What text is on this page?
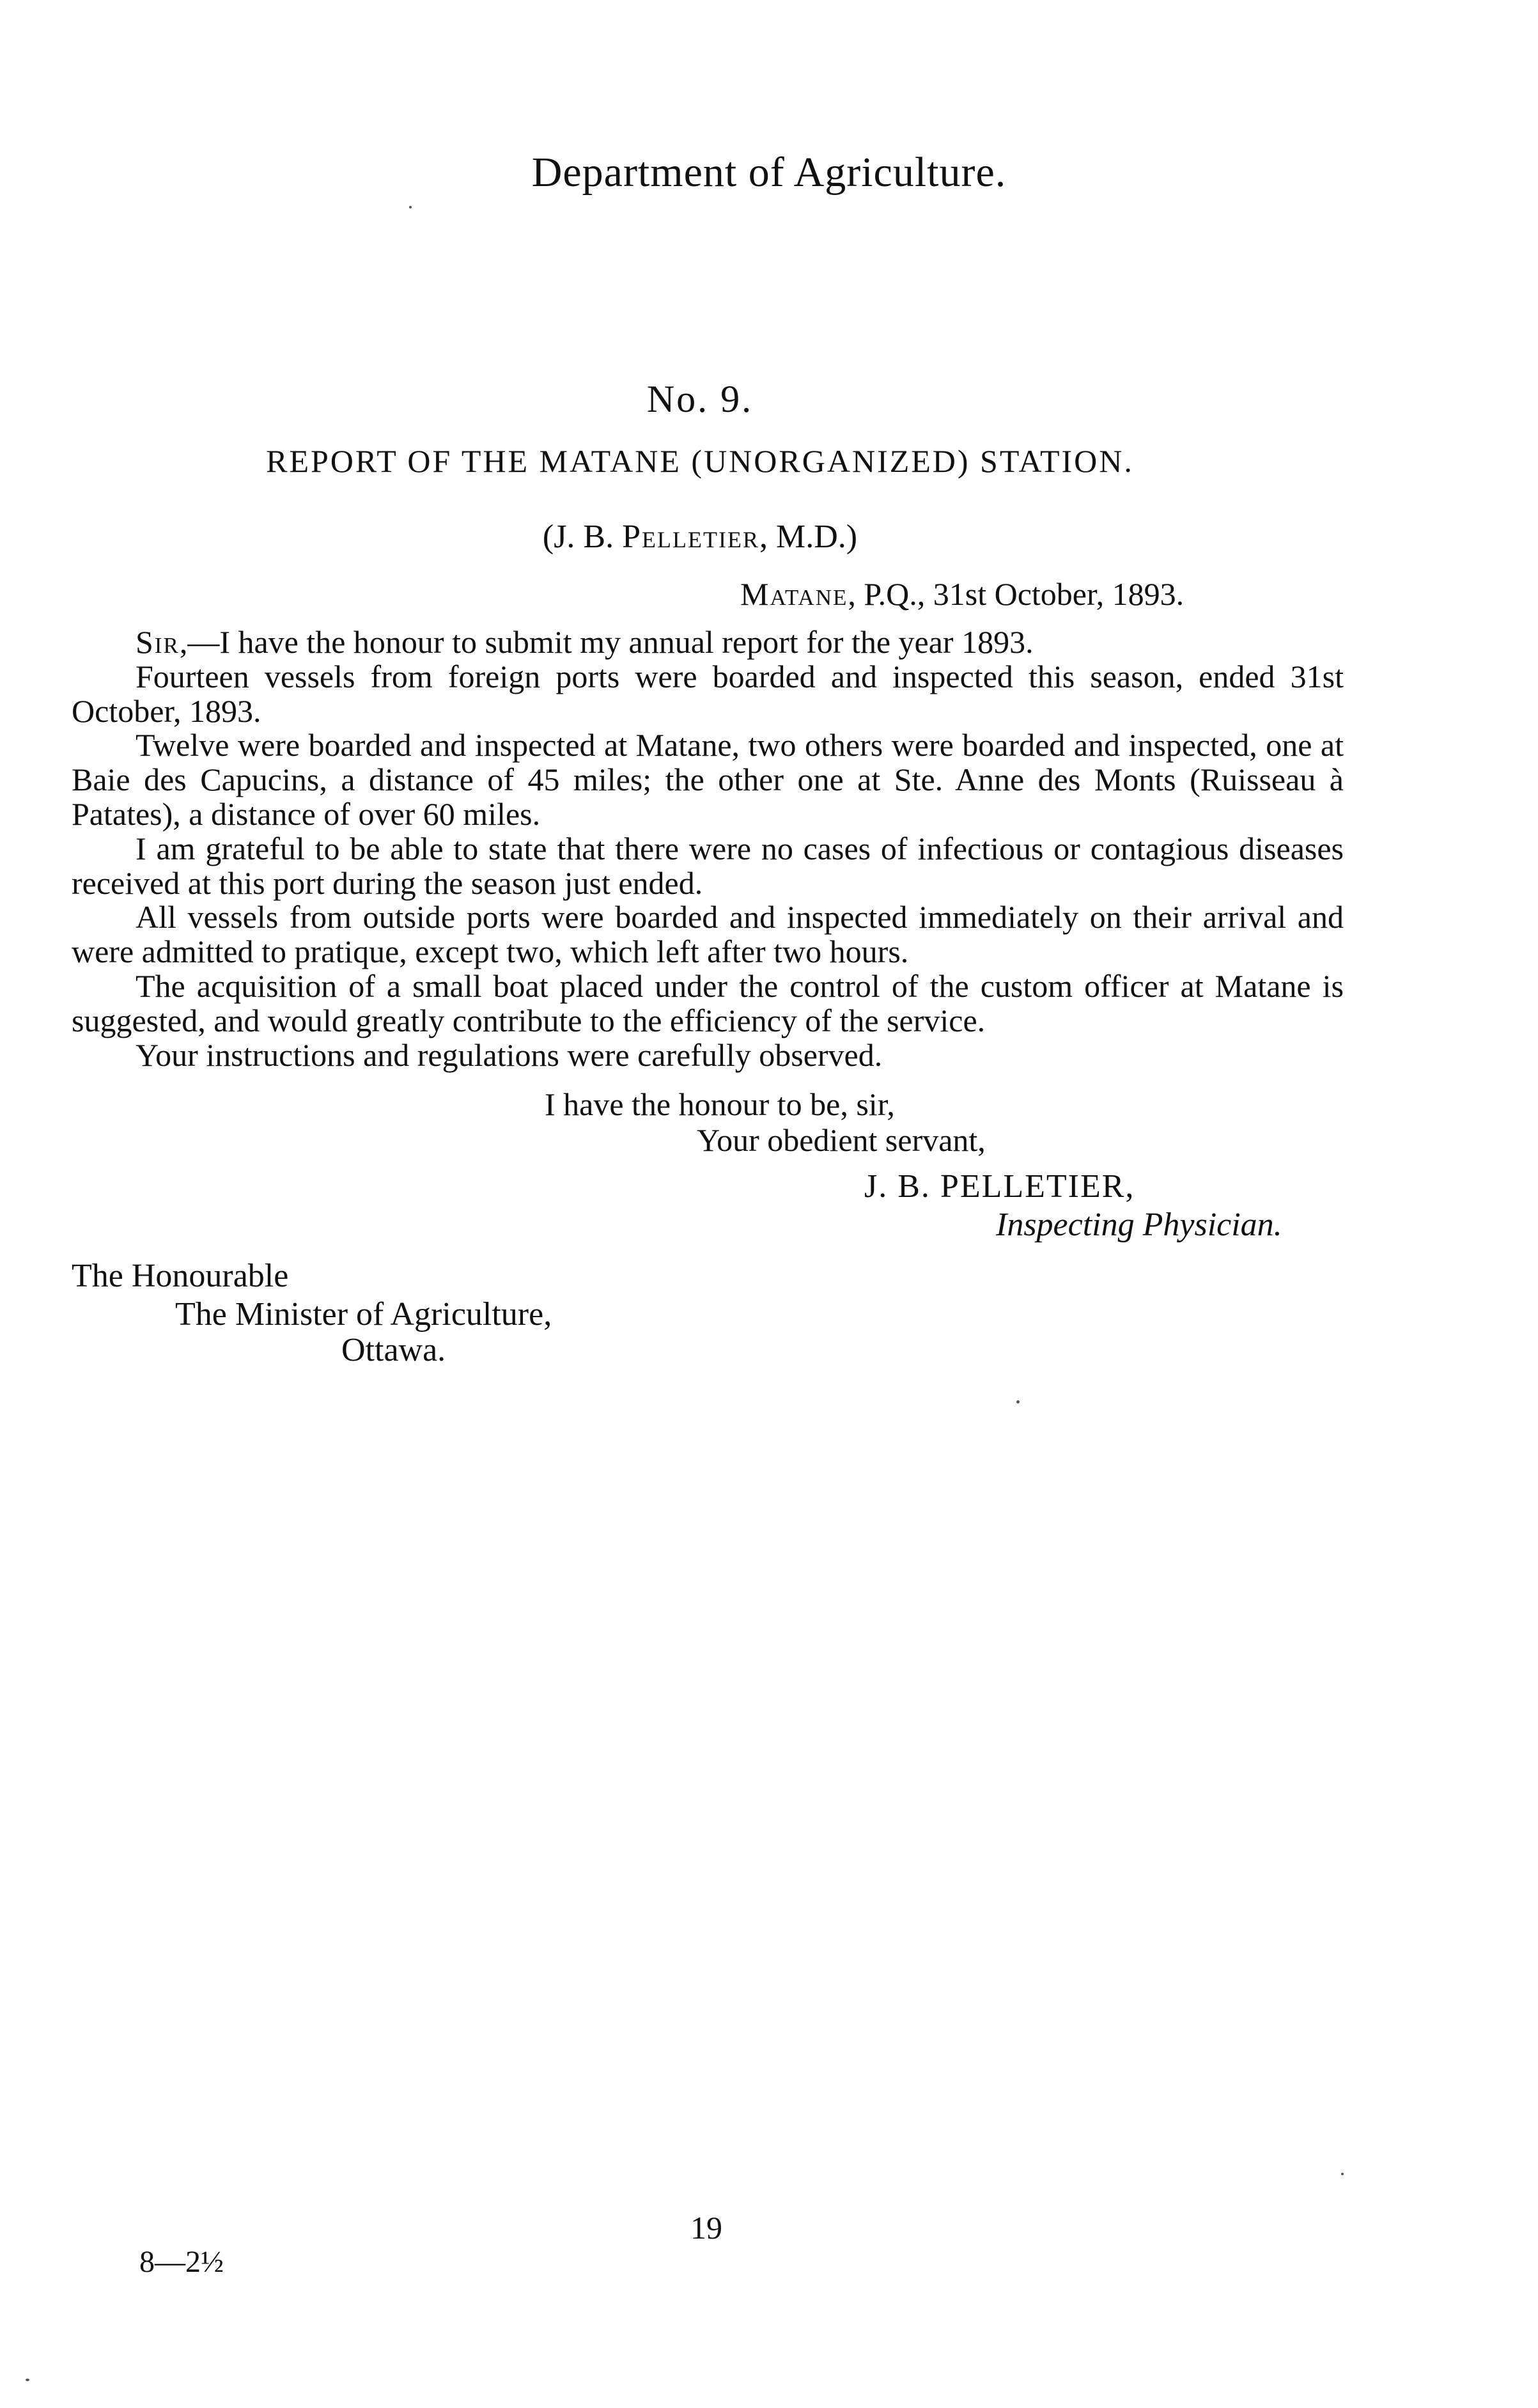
Department of Agriculture.
No. 9.
REPORT OF THE MATANE (UNORGANIZED) STATION.
(J. B. Pelletier, M.D.)
Matane, P.Q., 31st October, 1893.

Sir,—I have the honour to submit my annual report for the year 1893.

Fourteen vessels from foreign ports were boarded and inspected this season, ended 31st October, 1893.

Twelve were boarded and inspected at Matane, two others were boarded and inspected, one at Baie des Capucins, a distance of 45 miles; the other one at Ste. Anne des Monts (Ruisseau à Patates), a distance of over 60 miles.

I am grateful to be able to state that there were no cases of infectious or contagious diseases received at this port during the season just ended.

All vessels from outside ports were boarded and inspected immediately on their arrival and were admitted to pratique, except two, which left after two hours.

The acquisition of a small boat placed under the control of the custom officer at Matane is suggested, and would greatly contribute to the efficiency of the service.

Your instructions and regulations were carefully observed.

I have the honour to be, sir,
Your obedient servant,
J. B. PELLETIER,
Inspecting Physician.
The Honourable
The Minister of Agriculture,
Ottawa.
19
8—2½
